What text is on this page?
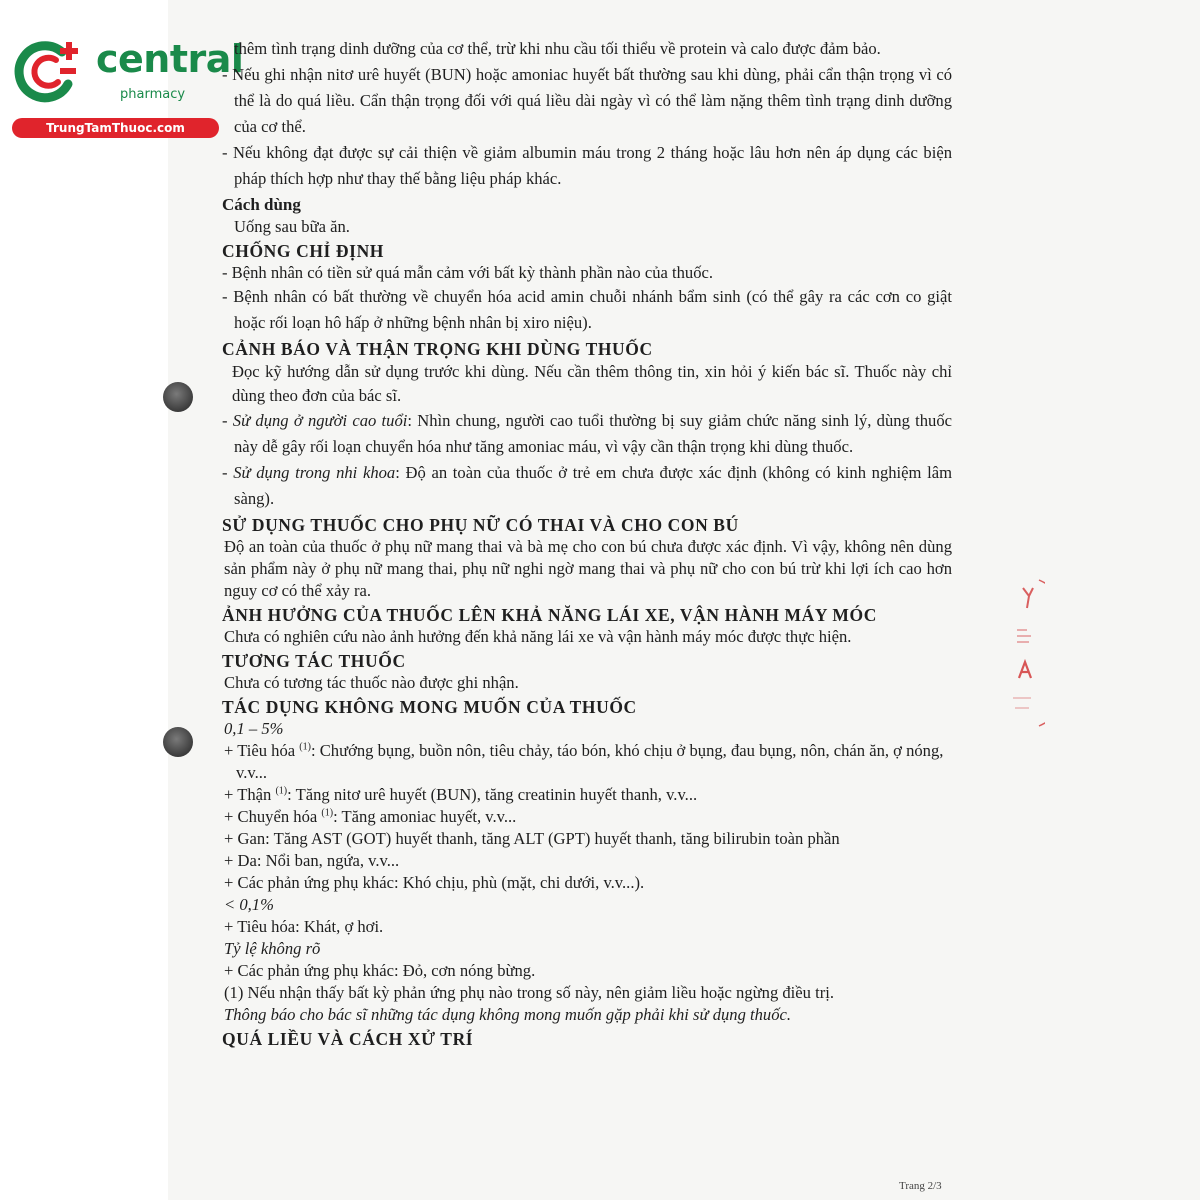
central
pharmacy
TrungTamThuoc.com

thêm tình trạng dinh dưỡng của cơ thể, trừ khi nhu cầu tối thiểu về protein và calo được đảm bảo.

- Nếu ghi nhận nitơ urê huyết (BUN) hoặc amoniac huyết bất thường sau khi dùng, phải cẩn thận trọng vì có thể là do quá liều. Cẩn thận trọng đối với quá liều dài ngày vì có thể làm nặng thêm tình trạng dinh dưỡng của cơ thể.

- Nếu không đạt được sự cải thiện về giảm albumin máu trong 2 tháng hoặc lâu hơn nên áp dụng các biện pháp thích hợp như thay thế bằng liệu pháp khác.

Cách dùng

Uống sau bữa ăn.

CHỐNG CHỈ ĐỊNH

- Bệnh nhân có tiền sử quá mẫn cảm với bất kỳ thành phần nào của thuốc.

- Bệnh nhân có bất thường về chuyển hóa acid amin chuỗi nhánh bẩm sinh (có thể gây ra các cơn co giật hoặc rối loạn hô hấp ở những bệnh nhân bị xiro niệu).

CẢNH BÁO VÀ THẬN TRỌNG KHI DÙNG THUỐC

Đọc kỹ hướng dẫn sử dụng trước khi dùng. Nếu cần thêm thông tin, xin hỏi ý kiến bác sĩ. Thuốc này chỉ dùng theo đơn của bác sĩ.

- Sử dụng ở người cao tuổi: Nhìn chung, người cao tuổi thường bị suy giảm chức năng sinh lý, dùng thuốc này dễ gây rối loạn chuyển hóa như tăng amoniac máu, vì vậy cần thận trọng khi dùng thuốc.

- Sử dụng trong nhi khoa: Độ an toàn của thuốc ở trẻ em chưa được xác định (không có kinh nghiệm lâm sàng).

SỬ DỤNG THUỐC CHO PHỤ NỮ CÓ THAI VÀ CHO CON BÚ

Độ an toàn của thuốc ở phụ nữ mang thai và bà mẹ cho con bú chưa được xác định. Vì vậy, không nên dùng sản phẩm này ở phụ nữ mang thai, phụ nữ nghi ngờ mang thai và phụ nữ cho con bú trừ khi lợi ích cao hơn nguy cơ có thể xảy ra.

ẢNH HƯỞNG CỦA THUỐC LÊN KHẢ NĂNG LÁI XE, VẬN HÀNH MÁY MÓC

Chưa có nghiên cứu nào ảnh hưởng đến khả năng lái xe và vận hành máy móc được thực hiện.

TƯƠNG TÁC THUỐC

Chưa có tương tác thuốc nào được ghi nhận.

TÁC DỤNG KHÔNG MONG MUỐN CỦA THUỐC

0,1 – 5%

+ Tiêu hóa $^{(1)}$: Chướng bụng, buồn nôn, tiêu chảy, táo bón, khó chịu ở bụng, đau bụng, nôn, chán ăn, ợ nóng, v.v...

+ Thận $^{(1)}$: Tăng nitơ urê huyết (BUN), tăng creatinin huyết thanh, v.v...

+ Chuyển hóa $^{(1)}$: Tăng amoniac huyết, v.v...

+ Gan: Tăng AST (GOT) huyết thanh, tăng ALT (GPT) huyết thanh, tăng bilirubin toàn phần

+ Da: Nổi ban, ngứa, v.v...

+ Các phản ứng phụ khác: Khó chịu, phù (mặt, chi dưới, v.v...).

< 0,1%

+ Tiêu hóa: Khát, ợ hơi.

Tỷ lệ không rõ

+ Các phản ứng phụ khác: Đỏ, cơn nóng bừng.

(1) Nếu nhận thấy bất kỳ phản ứng phụ nào trong số này, nên giảm liều hoặc ngừng điều trị.

Thông báo cho bác sĩ những tác dụng không mong muốn gặp phải khi sử dụng thuốc.

QUÁ LIỀU VÀ CÁCH XỬ TRÍ

Trang 2/3
